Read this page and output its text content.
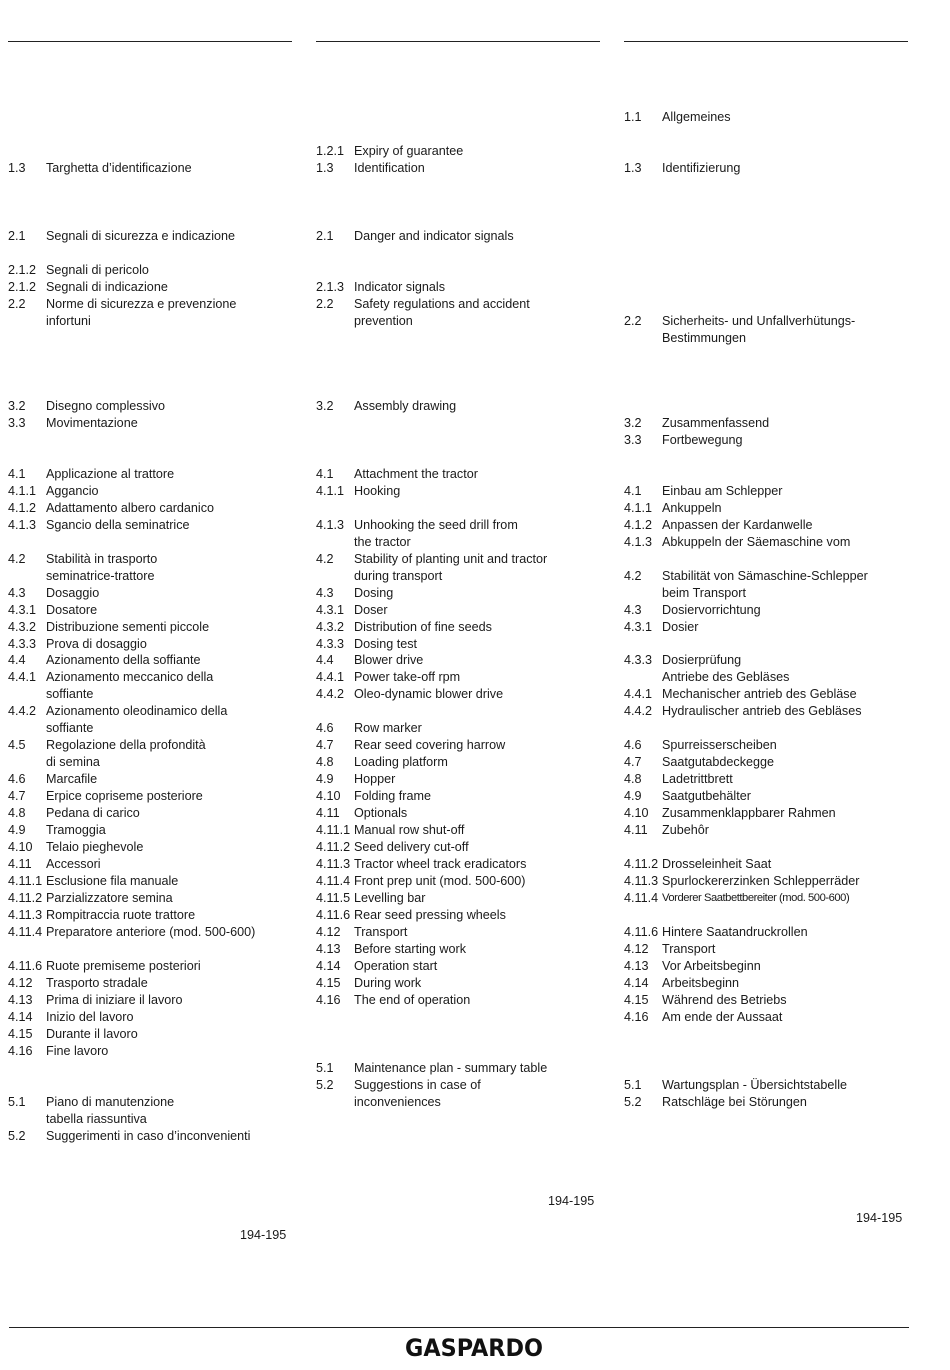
1.3 Targhetta d’identificazione
2.1 Segnali di sicurezza e indicazione
2.1.2 Segnali di pericolo
2.1.2 Segnali di indicazione
2.2 Norme di sicurezza e prevenzione
infortuni
3.2 Disegno complessivo
3.3 Movimentazione
4.1 Applicazione al trattore
4.1.1 Aggancio
4.1.2 Adattamento albero cardanico
4.1.3 Sgancio della seminatrice
4.2 Stabilità in trasporto
seminatrice-trattore
4.3 Dosaggio
4.3.1 Dosatore
4.3.2 Distribuzione sementi piccole
4.3.3 Prova di dosaggio
4.4 Azionamento della soffiante
4.4.1 Azionamento meccanico della
soffiante
4.4.2 Azionamento oleodinamico della
soffiante
4.5 Regolazione della profondità
di semina
4.6 Marcafile
4.7 Erpice copriseme posteriore
4.8 Pedana di carico
4.9 Tramoggia
4.10 Telaio pieghevole
4.11 Accessori
4.11.1 Esclusione fila manuale
4.11.2 Parzializzatore semina
4.11.3 Rompitraccia ruote trattore
4.11.4 Preparatore anteriore (mod. 500-600)
4.11.6 Ruote premiseme posteriori
4.12 Trasporto stradale
4.13 Prima di iniziare il lavoro
4.14 Inizio del lavoro
4.15 Durante il lavoro
4.16 Fine lavoro
5.1 Piano di manutenzione
tabella riassuntiva
5.2 Suggerimenti in caso d’inconvenienti
1.2.1 Expiry of guarantee
1.3 Identification
2.1 Danger and indicator signals
2.1.3 Indicator signals
2.2 Safety regulations and accident
prevention
3.2 Assembly drawing
4.1 Attachment the tractor
4.1.1 Hooking
4.1.3 Unhooking the seed drill from
the tractor
4.2 Stability of planting unit and tractor
during transport
4.3 Dosing
4.3.1 Doser
4.3.2 Distribution of fine seeds
4.3.3 Dosing test
4.4 Blower drive
4.4.1 Power take-off rpm
4.4.2 Oleo-dynamic blower drive
4.6 Row marker
4.7 Rear seed covering harrow
4.8 Loading platform
4.9 Hopper
4.10 Folding frame
4.11 Optionals
4.11.1 Manual row shut-off
4.11.2 Seed delivery cut-off
4.11.3 Tractor wheel track eradicators
4.11.4 Front prep unit (mod. 500-600)
4.11.5 Levelling bar
4.11.6 Rear seed pressing wheels
4.12 Transport
4.13 Before starting work
4.14 Operation start
4.15 During work
4.16 The end of operation
5.1 Maintenance plan - summary table
5.2 Suggestions in case of
inconveniences
1.1 Allgemeines
1.3 Identifizierung
2.2 Sicherheits- und Unfallverhütungs-
Bestimmungen
3.2 Zusammenfassend
3.3 Fortbewegung
4.1 Einbau am Schlepper
4.1.1 Ankuppeln
4.1.2 Anpassen der Kardanwelle
4.1.3 Abkuppeln der Säemaschine vom
4.2 Stabilität von Sämaschine-Schlepper
beim Transport
4.3 Dosiervorrichtung
4.3.1 Dosier
4.3.3 Dosierprüfung
Antriebe des Gebläses
4.4.1 Mechanischer antrieb des Gebläse
4.4.2 Hydraulischer antrieb des Gebläses
4.6 Spurreisserscheiben
4.7 Saatgutabdeckegge
4.8 Ladetrittbrett
4.9 Saatgutbehälter
4.10 Zusammenklappbarer Rahmen
4.11 Zubehôr
4.11.2 Drosseleinheit Saat
4.11.3 Spurlockererzinken Schlepperräder
4.11.4 Vorderer Saatbettbereiter (mod. 500-600)
4.11.6 Hintere Saatandruckrollen
4.12 Transport
4.13 Vor Arbeitsbeginn
4.14 Arbeitsbeginn
4.15 Während des Betriebs
4.16 Am ende der Aussaat
5.1 Wartungsplan - Übersichtstabelle
5.2 Ratschläge bei Störungen
194-195
194-195
194-195
GASPARDO
